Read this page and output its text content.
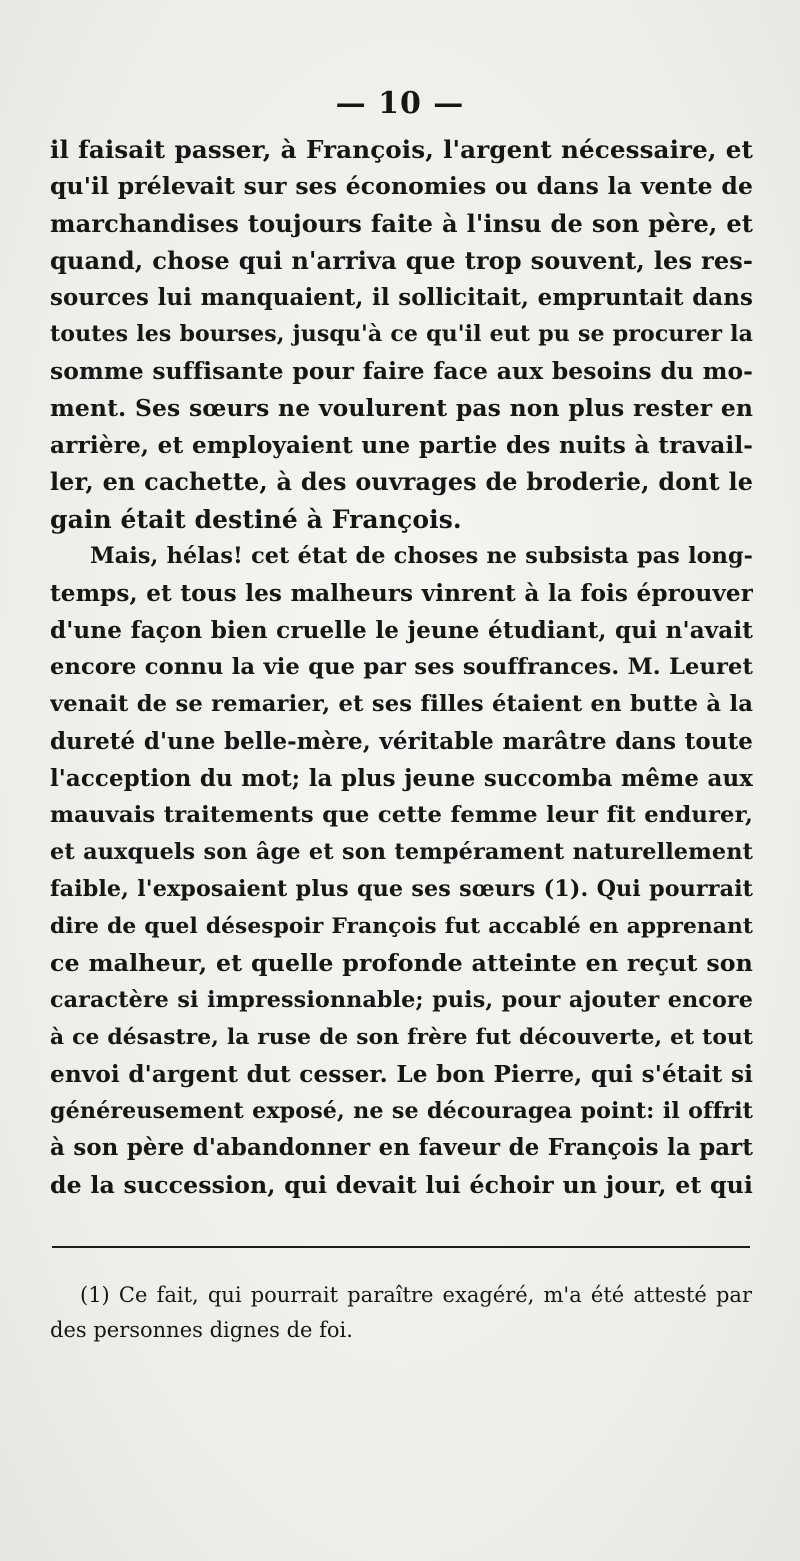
— 10 —
il faisait passer, à François, l'argent nécessaire, et
qu'il prélevait sur ses économies ou dans la vente de
marchandises toujours faite à l'insu de son père, et
quand, chose qui n'arriva que trop souvent, les res-
sources lui manquaient, il sollicitait, empruntait dans
toutes les bourses, jusqu'à ce qu'il eut pu se procurer la
somme suffisante pour faire face aux besoins du mo-
ment. Ses sœurs ne voulurent pas non plus rester en
arrière, et employaient une partie des nuits à travail-
ler, en cachette, à des ouvrages de broderie, dont le
gain était destiné à François.
Mais, hélas! cet état de choses ne subsista pas long-
temps, et tous les malheurs vinrent à la fois éprouver
d'une façon bien cruelle le jeune étudiant, qui n'avait
encore connu la vie que par ses souffrances. M. Leuret
venait de se remarier, et ses filles étaient en butte à la
dureté d'une belle-mère, véritable marâtre dans toute
l'acception du mot; la plus jeune succomba même aux
mauvais traitements que cette femme leur fit endurer,
et auxquels son âge et son tempérament naturellement
faible, l'exposaient plus que ses sœurs (1). Qui pourrait
dire de quel désespoir François fut accablé en apprenant
ce malheur, et quelle profonde atteinte en reçut son
caractère si impressionnable; puis, pour ajouter encore
à ce désastre, la ruse de son frère fut découverte, et tout
envoi d'argent dut cesser. Le bon Pierre, qui s'était si
généreusement exposé, ne se découragea point: il offrit
à son père d'abandonner en faveur de François la part
de la succession, qui devait lui échoir un jour, et qui
(1) Ce fait, qui pourrait paraître exagéré, m'a été attesté par
des personnes dignes de foi.
